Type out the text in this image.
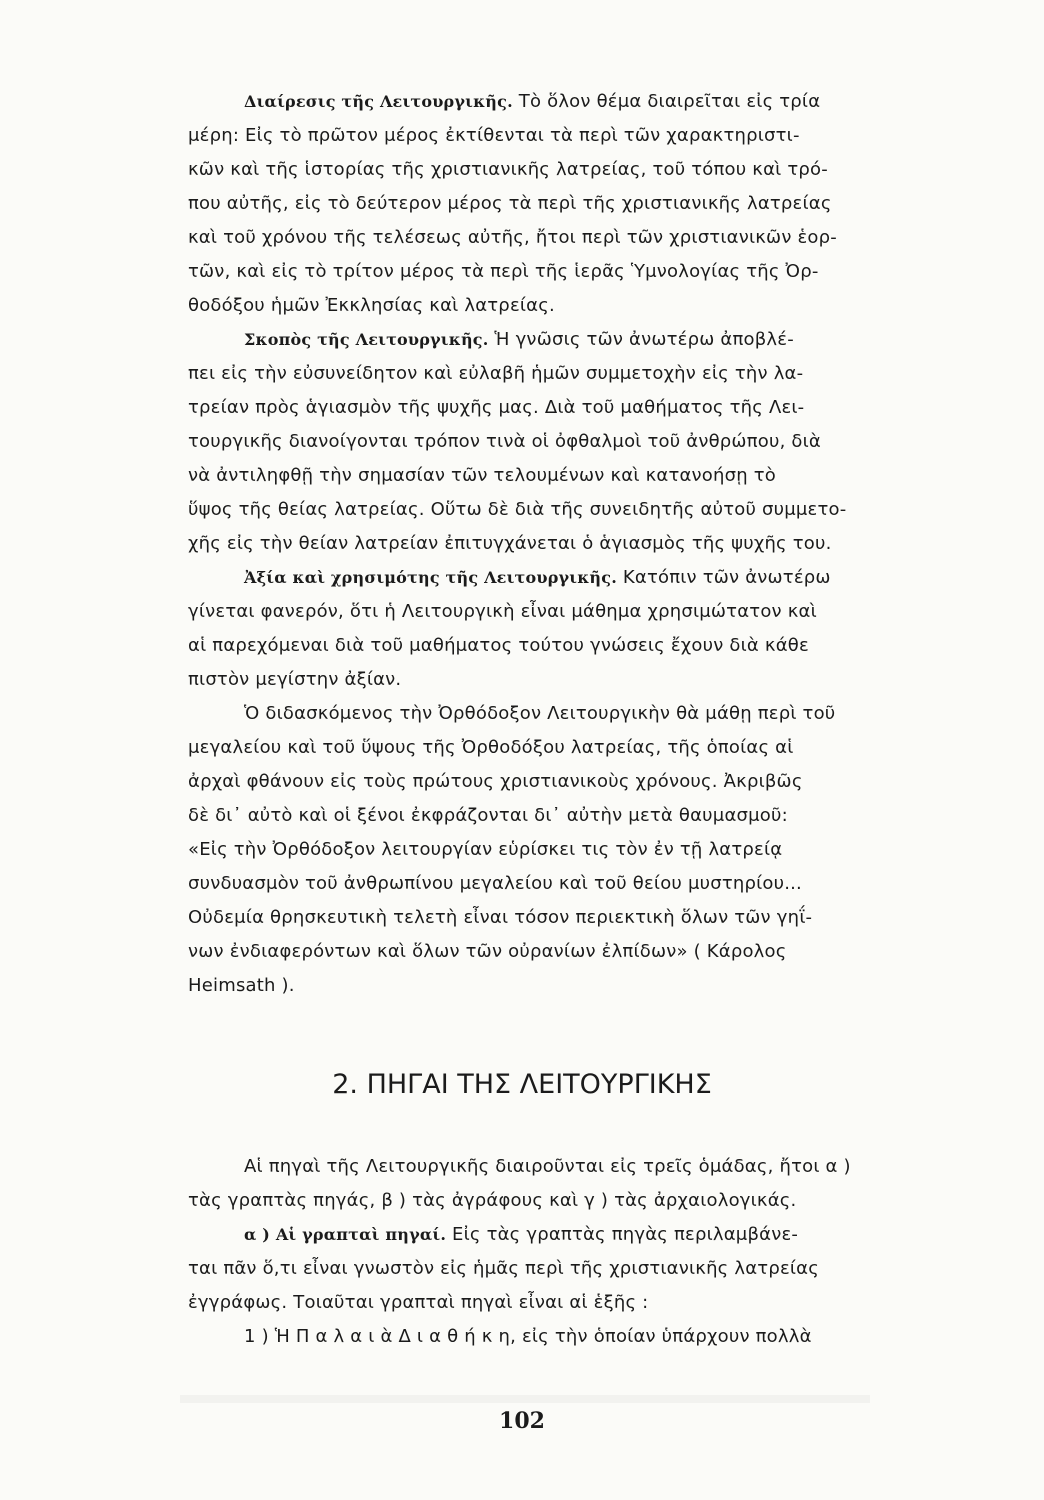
Διαίρεσις τῆς Λειτουργικῆς. Τὸ ὅλον θέμα διαιρεῖται εἰς τρία
μέρη: Εἰς τὸ πρῶτον μέρος ἐκτίθενται τὰ περὶ τῶν χαρακτηριστι-
κῶν καὶ τῆς ἱστορίας τῆς χριστιανικῆς λατρείας, τοῦ τόπου καὶ τρό-
που αὐτῆς, εἰς τὸ δεύτερον μέρος τὰ περὶ τῆς χριστιανικῆς λατρείας
καὶ τοῦ χρόνου τῆς τελέσεως αὐτῆς, ἤτοι περὶ τῶν χριστιανικῶν ἑορ-
τῶν, καὶ εἰς τὸ τρίτον μέρος τὰ περὶ τῆς ἱερᾶς Ὑμνολογίας τῆς Ὀρ-
θοδόξου ἡμῶν Ἐκκλησίας καὶ λατρείας.
Σκοπὸς τῆς Λειτουργικῆς. Ἡ γνῶσις τῶν ἀνωτέρω ἀποβλέ-
πει εἰς τὴν εὐσυνείδητον καὶ εὐλαβῆ ἡμῶν συμμετοχὴν εἰς τὴν λα-
τρείαν πρὸς ἁγιασμὸν τῆς ψυχῆς μας. Διὰ τοῦ μαθήματος τῆς Λει-
τουργικῆς διανοίγονται τρόπον τινὰ οἱ ὀφθαλμοὶ τοῦ ἀνθρώπου, διὰ
νὰ ἀντιληφθῇ τὴν σημασίαν τῶν τελουμένων καὶ κατανοήσῃ τὸ
ὕψος τῆς θείας λατρείας. Οὕτω δὲ διὰ τῆς συνειδητῆς αὐτοῦ συμμετο-
χῆς εἰς τὴν θείαν λατρείαν ἐπιτυγχάνεται ὁ ἁγιασμὸς τῆς ψυχῆς του.
Ἀξία καὶ χρησιμότης τῆς Λειτουργικῆς. Κατόπιν τῶν ἀνωτέρω
γίνεται φανερόν, ὅτι ἡ Λειτουργικὴ εἶναι μάθημα χρησιμώτατον καὶ
αἱ παρεχόμεναι διὰ τοῦ μαθήματος τούτου γνώσεις ἔχουν διὰ κάθε
πιστὸν μεγίστην ἀξίαν.
Ὁ διδασκόμενος τὴν Ὀρθόδοξον Λειτουργικὴν θὰ μάθῃ περὶ τοῦ
μεγαλείου καὶ τοῦ ὕψους τῆς Ὀρθοδόξου λατρείας, τῆς ὁποίας αἱ
ἀρχαὶ φθάνουν εἰς τοὺς πρώτους χριστιανικοὺς χρόνους. Ἀκριβῶς
δὲ δι᾽ αὐτὸ καὶ οἱ ξένοι ἐκφράζονται δι᾽ αὐτὴν μετὰ θαυμασμοῦ:
«Εἰς τὴν Ὀρθόδοξον λειτουργίαν εὑρίσκει τις τὸν ἐν τῇ λατρείᾳ
συνδυασμὸν τοῦ ἀνθρωπίνου μεγαλείου καὶ τοῦ θείου μυστηρίου...
Οὐδεμία θρησκευτικὴ τελετὴ εἶναι τόσον περιεκτικὴ ὅλων τῶν γηΐ-
νων ἐνδιαφερόντων καὶ ὅλων τῶν οὐρανίων ἐλπίδων» ( Κάρολος
Heimsath ).
2. ΠΗΓΑΙ ΤΗΣ ΛΕΙΤΟΥΡΓΙΚΗΣ
Αἱ πηγαὶ τῆς Λειτουργικῆς διαιροῦνται εἰς τρεῖς ὁμάδας, ἤτοι α )
τὰς γραπτὰς πηγάς, β ) τὰς ἀγράφους καὶ γ ) τὰς ἀρχαιολογικάς.
α ) Αἱ γραπταὶ πηγαί. Εἰς τὰς γραπτὰς πηγὰς περιλαμβάνε-
ται πᾶν ὅ,τι εἶναι γνωστὸν εἰς ἡμᾶς περὶ τῆς χριστιανικῆς λατρείας
ἐγγράφως. Τοιαῦται γραπταὶ πηγαὶ εἶναι αἱ ἑξῆς :
1 ) Ἡ Π α λ α ι ὰ Δ ι α θ ή κ η, εἰς τὴν ὁποίαν ὑπάρχουν πολλὰ
102
